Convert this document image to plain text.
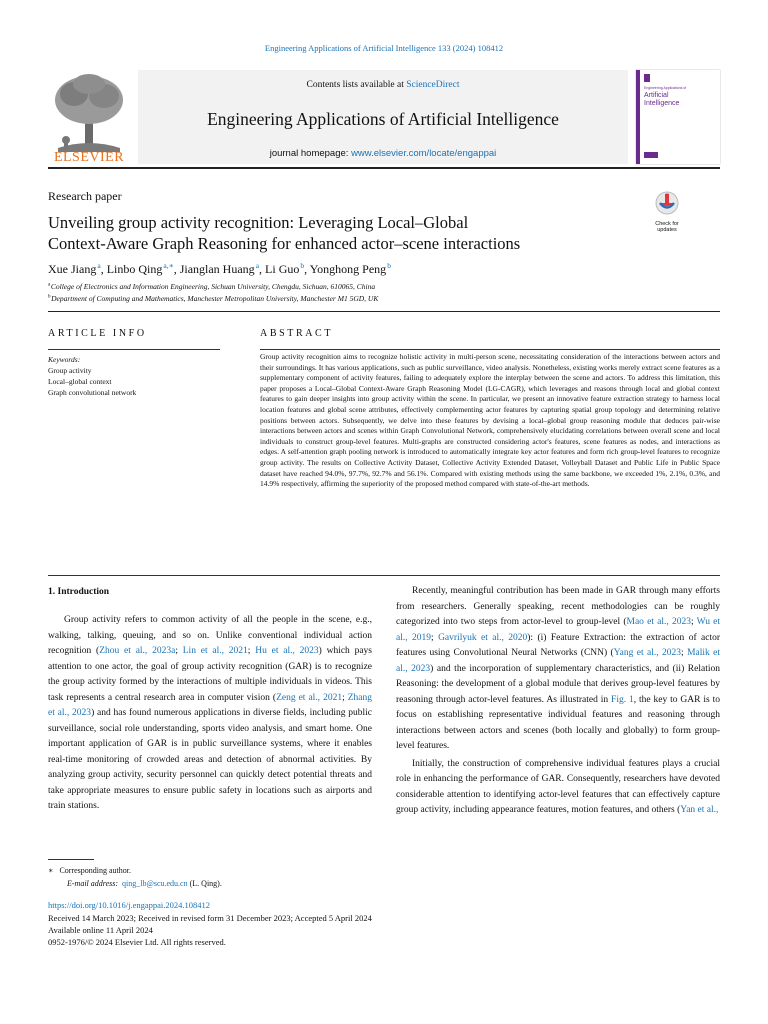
Engineering Applications of Artificial Intelligence 133 (2024) 108412
ELSEVIER
Contents lists available at ScienceDirect
Engineering Applications of Artificial Intelligence
journal homepage: www.elsevier.com/locate/engappai
Engineering Applications of
Artificial
Intelligence
Research paper
Unveiling group activity recognition: Leveraging Local–Global
Context-Aware Graph Reasoning for enhanced actor–scene interactions
Check for
updates
Xue Jiang $^a$, Linbo Qing $^{a,∗}$, Jianglan Huang $^a$, Li Guo $^b$, Yonghong Peng $^b$
$^a$ College of Electronics and Information Engineering, Sichuan University, Chengdu, Sichuan, 610065, China
$^b$ Department of Computing and Mathematics, Manchester Metropolitan University, Manchester M1 5GD, UK
ARTICLE INFO	ABSTRACT
Keywords:
Group activity
Local–global context
Graph convolutional network

Group activity recognition aims to recognize holistic activity in multi-person scene, necessitating consideration of the interactions between actors and their surroundings. It has various applications, such as public surveillance, video analysis. Nonetheless, existing works merely extract scene features as a supplementary component of activity features, failing to adequately explore the interplay between the scene and actors. To address this limitation, this paper proposes a Local–Global Context-Aware Graph Reasoning Model (LG-CAGR), which leverages and reasons through local and global context features to gain deeper insights into group activity within the scene. In particular, we present an innovative feature extraction strategy to harness local location features and global scene attributes, effectively complementing actor features by capturing spatial group topology and determining relative positions between actors. Subsequently, we delve into these features by devising a local–global group reasoning module that deduces pair-wise interactions between actors and scenes within Graph Convolutional Network, comprehensively elucidating correlations between overall scene and local individuals to construct group-level features. Multi-graphs are constructed considering actor's features, scene features as nodes, and interactions as edges. A self-attention graph pooling network is introduced to automatically integrate key actor features and form rich group-level features to recognize group activity. The results on Collective Activity Dataset, Collective Activity Extended Dataset, Volleyball Dataset and Public Life in Public Space dataset have reached 94.0%, 97.7%, 92.7% and 56.1%. Compared with existing methods using the same backbone, we exceeded 1%, 2.1%, 0.3%, and 14.9% respectively, affirming the superiority of the proposed method compared with state-of-the-art methods.

1. Introduction

Group activity refers to common activity of all the people in the scene, e.g., walking, talking, queuing, and so on. Unlike conventional individual action recognition (Zhou et al., 2023a; Lin et al., 2021; Hu et al., 2023) which pays attention to one actor, the goal of group activity recognition (GAR) is to recognize the group activity formed by the interactions of multiple individuals in videos. This task represents a central research area in computer vision (Zeng et al., 2021; Zhang et al., 2023) and has found numerous applications in diverse fields, including public surveillance, social role understanding, sports video analysis, and smart home. One important application of GAR is in public surveillance systems, where it enables real-time monitoring of crowded areas and detection of abnormal activities. By analyzing group activity, security personnel can quickly detect potential threats and take appropriate measures to ensure public safety in locations such as airports and train stations.

Recently, meaningful contribution has been made in GAR through many efforts from researchers. Generally speaking, recent methodologies can be roughly categorized into two steps from actor-level to group-level (Mao et al., 2023; Wu et al., 2019; Gavrilyuk et al., 2020): (i) Feature Extraction: the extraction of actor features using Convolutional Neural Networks (CNN) (Yang et al., 2023; Malik et al., 2023) and the incorporation of supplementary characteristics, and (ii) Relation Reasoning: the development of a global module that derives group-level features by reasoning through actor-level features. As illustrated in Fig. 1, the key to GAR is to focus on establishing representative individual features and reasoning through interactions between actors and scenes (both locally and globally) to form group-level features.

Initially, the construction of comprehensive individual features plays a crucial role in enhancing the performance of GAR. Consequently, researchers have devoted considerable attention to identifying actor-level features that can effectively capture group activity, including appearance features, motion features, and others (Yan et al.,

∗ Corresponding author.
E-mail address: qing_lb@scu.edu.cn (L. Qing).
https://doi.org/10.1016/j.engappai.2024.108412
Received 14 March 2023; Received in revised form 31 December 2023; Accepted 5 April 2024
Available online 11 April 2024
0952-1976/© 2024 Elsevier Ltd. All rights reserved.
